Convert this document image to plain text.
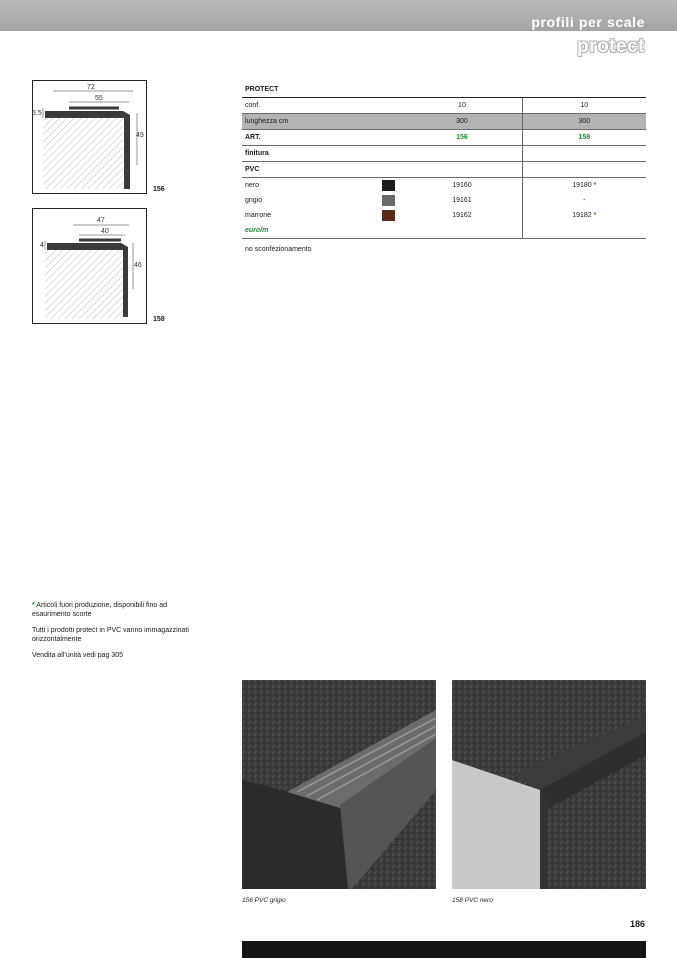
profili per scale
protect
72
55
5,5
49
156
47
40
4
46
158
PROTECT			
conf.		10	10
lunghezza cm		300	300
ART.		156	158
finitura			
PVC			
nero		19160	19180 *
grigio		19161	-
marrone		19162	19182 *
euro/m			
no sconfezionamento

* Articoli fuori produzione, disponibili fino ad esaurimento scorte

Tutti i prodotti protect in PVC vanno immagazzinati orizzontalmente

Vendita all’unità vedi pag 305

156 PVC grigio	158 PVC nero
186
